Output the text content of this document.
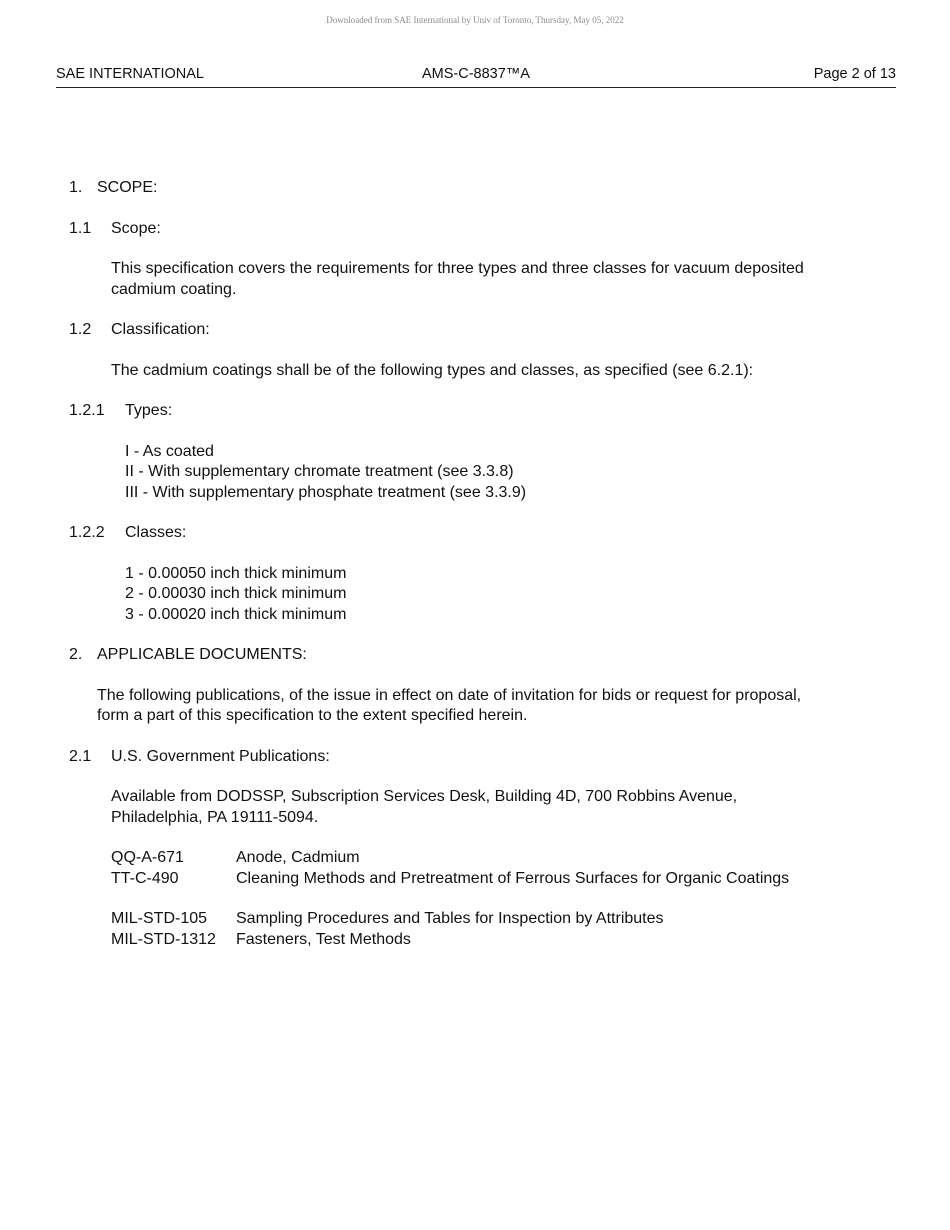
Downloaded from SAE International by Univ of Toronto, Thursday, May 05, 2022
AMS-C-8837™A
SAE INTERNATIONAL	Page 2 of 13
1. SCOPE:
1.1	Scope:
This specification covers the requirements for three types and three classes for vacuum deposited
cadmium coating.
1.2	Classification:
The cadmium coatings shall be of the following types and classes, as specified (see 6.2.1):
1.2.1	Types:
I - As coated
II - With supplementary chromate treatment (see 3.3.8)
III - With supplementary phosphate treatment (see 3.3.9)
1.2.2	Classes:
1 - 0.00050 inch thick minimum
2 - 0.00030 inch thick minimum
3 - 0.00020 inch thick minimum
2. APPLICABLE DOCUMENTS:
The following publications, of the issue in effect on date of invitation for bids or request for proposal,
form a part of this specification to the extent specified herein.
2.1	U.S. Government Publications:
Available from DODSSP, Subscription Services Desk, Building 4D, 700 Robbins Avenue,
Philadelphia, PA 19111-5094.
QQ-A-671	Anode, Cadmium
TT-C-490	Cleaning Methods and Pretreatment of Ferrous Surfaces for Organic Coatings
MIL-STD-105	Sampling Procedures and Tables for Inspection by Attributes
MIL-STD-1312	Fasteners, Test Methods
